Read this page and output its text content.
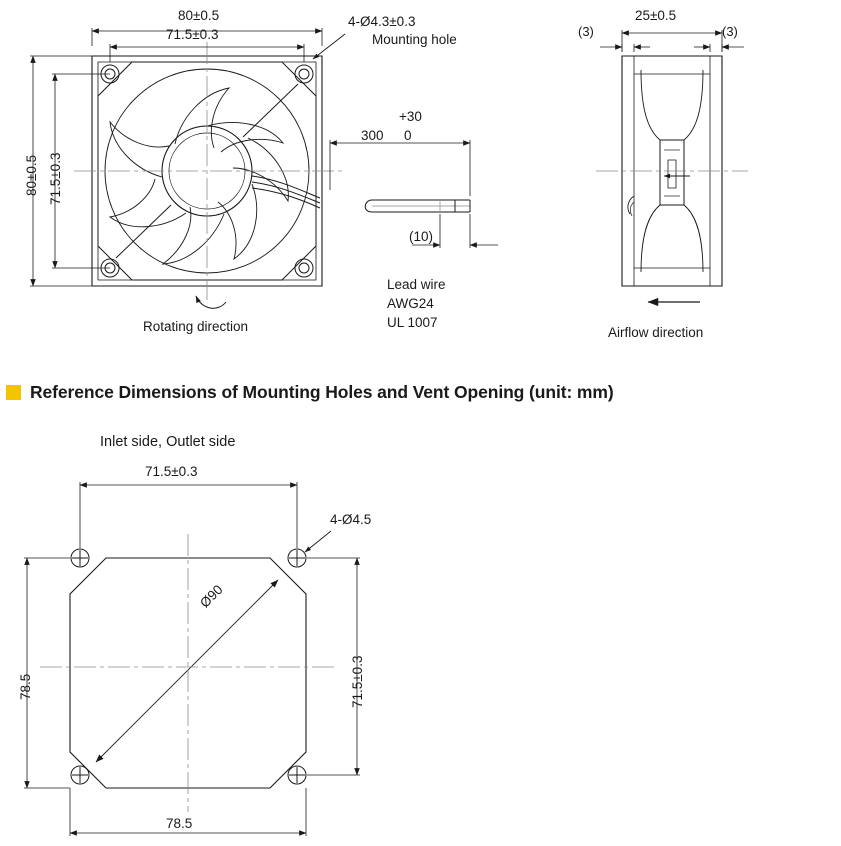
80±0.5
71.5±0.3
80±0.5 71.5±0.3
4-Ø4.3±0.3
Mounting hole
+30
300 0
(10)
Lead wire
AWG24
UL 1007
Rotating direction
25±0.5
(3)	(3)
Airflow direction
Reference Dimensions of Mounting Holes and Vent Opening (unit: mm)
Inlet side, Outlet side
71.5±0.3
4-Ø4.5
78.5	71.5±0.3
78.5
Ø90
